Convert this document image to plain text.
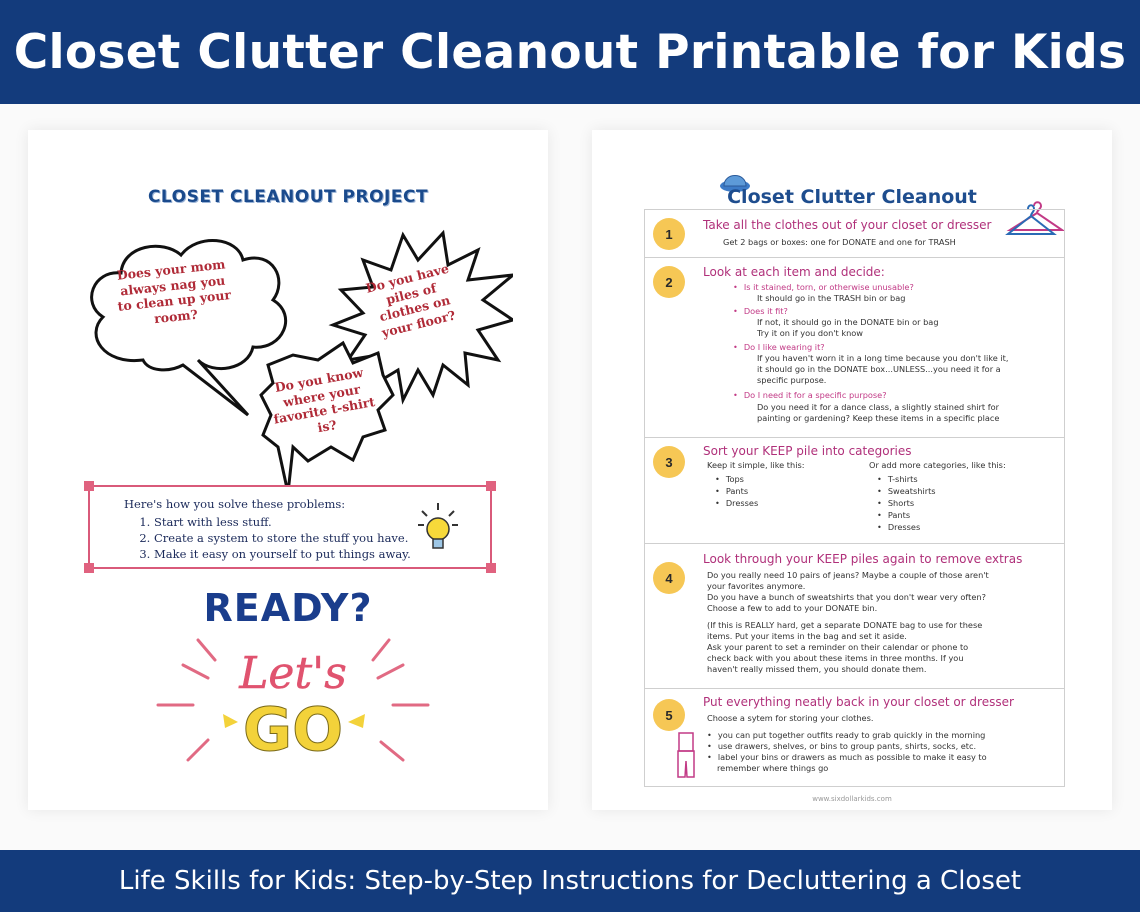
Closet Clutter Cleanout Printable for Kids
CLOSET CLEANOUT PROJECT
Does your mom always nag you to clean up your room?
Do you have piles of clothes on your floor?
Do you know where your favorite t-shirt is?
Here's how you solve these problems:
1. Start with less stuff.
2. Create a system to store the stuff you have.
3. Make it easy on yourself to put things away.
READY?
Let's
GO
Closet Clutter Cleanout
1
Take all the clothes out of your closet or dresser
Get 2 bags or boxes: one for DONATE and one for TRASH
2
Look at each item and decide:
• Is it stained, torn, or otherwise unusable?
It should go in the TRASH bin or bag
• Does it fit?
If not, it should go in the DONATE bin or bag
Try it on if you don't know
• Do I like wearing it?
If you haven't worn it in a long time because you don't like it,
it should go in the DONATE box...UNLESS...you need it for a
specific purpose.
• Do I need it for a specific purpose?
Do you need it for a dance class, a slightly stained shirt for
painting or gardening? Keep these items in a specific place
3
Sort your KEEP pile into categories
Keep it simple, like this:
• Tops
• Pants
• Dresses
Or add more categories, like this:
• T-shirts
• Sweatshirts
• Shorts
• Pants
• Dresses
4
Look through your KEEP piles again to remove extras
Do you really need 10 pairs of jeans? Maybe a couple of those aren't
your favorites anymore.
Do you have a bunch of sweatshirts that you don't wear very often?
Choose a few to add to your DONATE bin.
(If this is REALLY hard, get a separate DONATE bag to use for these
items. Put your items in the bag and set it aside.
Ask your parent to set a reminder on their calendar or phone to
check back with you about these items in three months. If you
haven't really missed them, you should donate them.
5
Put everything neatly back in your closet or dresser
Choose a sytem for storing your clothes.
• you can put together outfits ready to grab quickly in the morning
• use drawers, shelves, or bins to group pants, shirts, socks, etc.
• label your bins or drawers as much as possible to make it easy to
remember where things go
www.sixdollarkids.com
Life Skills for Kids: Step-by-Step Instructions for Decluttering a Closet
